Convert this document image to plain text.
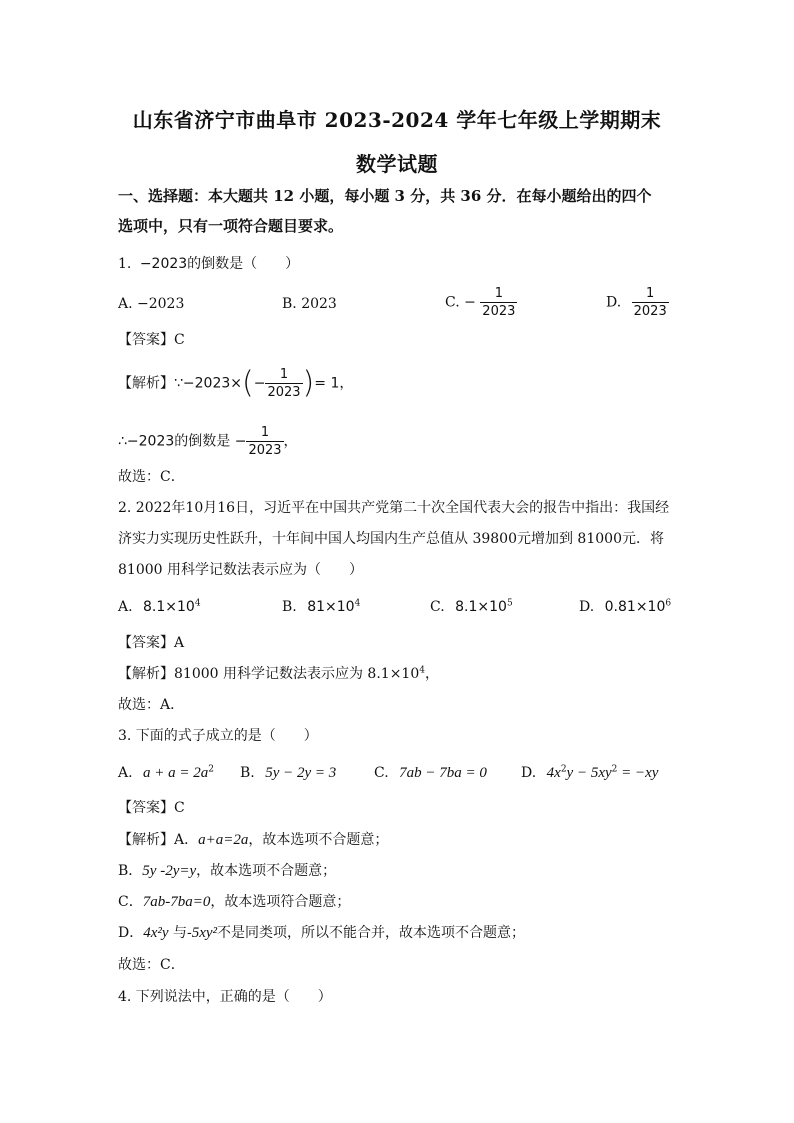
山东省济宁市曲阜市 2023-2024 学年七年级上学期期末
数学试题
一、选择题：本大题共 12 小题，每小题 3 分，共 36 分．在每小题给出的四个
选项中，只有一项符合题目要求。
1. −2023的倒数是（　　）
A. −2023	B. 2023	C. − $\frac{1}{2023}$	D. $\frac{1}{2023}$
【答案】C
【解析】∵−2023×(− $\frac{1}{2023}$ )= 1，
∴−2023的倒数是 − $\frac{1}{2023}$ ，
故选：C．
2. 2022年10月16日，习近平在中国共产党第二十次全国代表大会的报告中指出：我国经
济实力实现历史性跃升，十年间中国人均国内生产总值从 39800元增加到 81000元．将
81000 用科学记数法表示应为（　　）
A. $8.1\times 10^4$	B. $81\times 10^4$	C. $8.1\times 10^5$	D. $0.81\times 10^6$
【答案】A
【解析】81000 用科学记数法表示应为 $8.1\times 10^4$，
故选：A．
3. 下面的式子成立的是（　　）
A. $a + a = 2a^2$ B. 5y − 2y = 3	C. 7ab − 7ba = 0 D. $4x^2y - 5xy^2 = -xy$
【答案】C
【解析】A．a+a=2a，故本选项不合题意；
B．5y -2y=y，故本选项不合题意；
C．7ab-7ba=0，故本选项符合题意；
D．4x²y 与-5xy²不是同类项，所以不能合并，故本选项不合题意；
故选：C．
4. 下列说法中，正确的是（　　）
